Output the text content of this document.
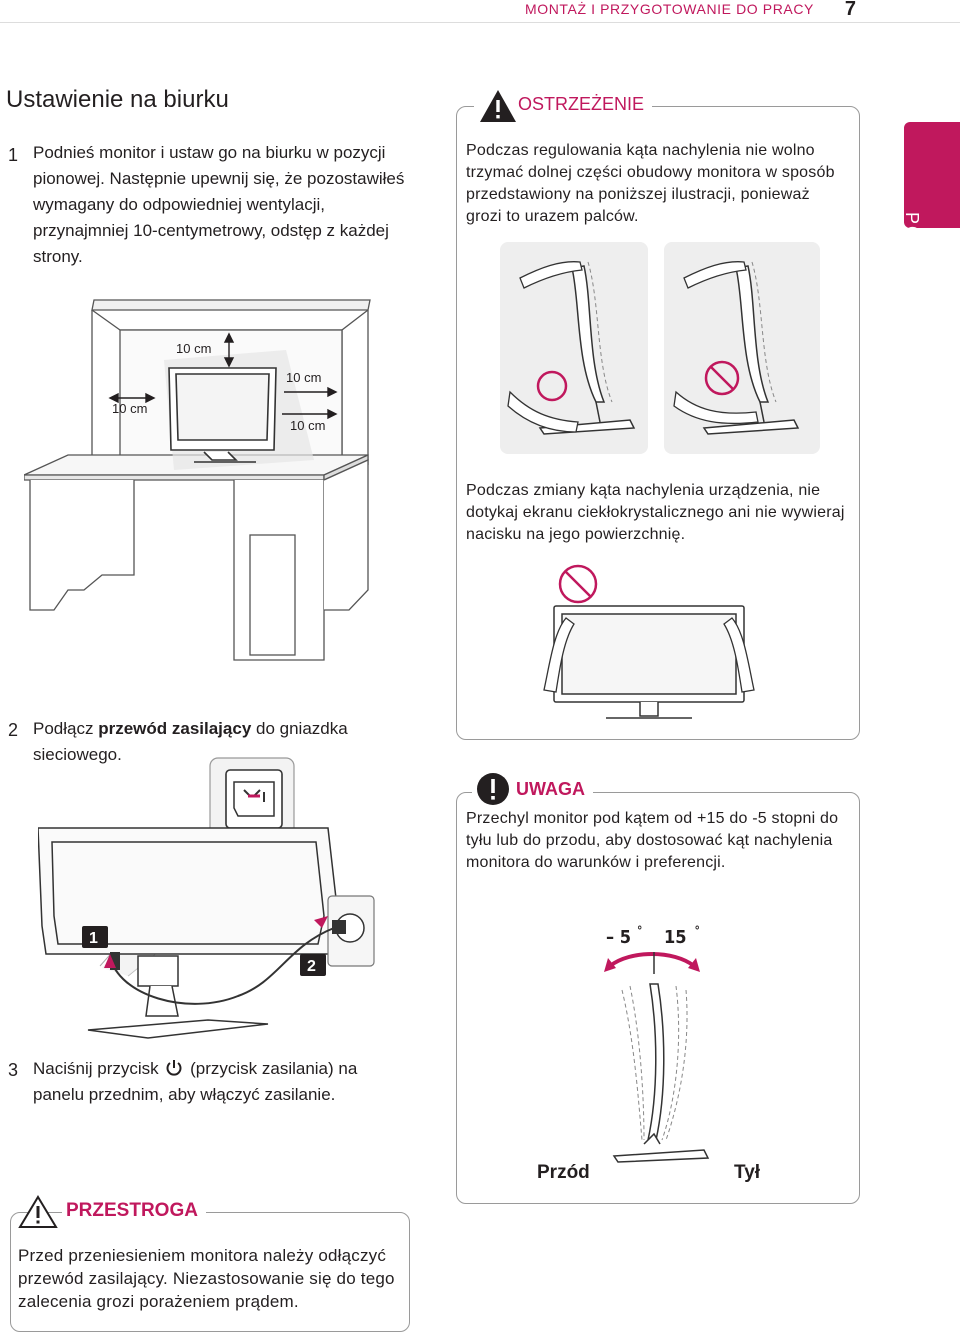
MONTAŻ I PRZYGOTOWANIE DO PRACY 7
POLSKI
Ustawienie na biurku
1 Podnieś monitor i ustaw go na biurku w pozycji pionowej. Następnie upewnij się, że pozostawiłeś wymagany do odpowiedniej wentylacji, przynajmniej 10-centymetrowy, odstęp z każdej strony.
10 cm
10 cm
10 cm
10 cm
2 Podłącz przewód zasilający do gniazdka sieciowego.
1
2
3 Naciśnij przycisk  (przycisk zasilania) na panelu przednim, aby włączyć zasilanie.
PRZESTROGA
Przed przeniesieniem monitora należy odłączyć przewód zasilający. Niezastosowanie się do tego zalecenia grozi porażeniem prądem.
OSTRZEŻENIE
Podczas regulowania kąta nachylenia nie wolno trzymać dolnej części obudowy monitora w sposób przedstawiony na poniższej ilustracji, ponieważ grozi to urazem palców.
Podczas zmiany kąta nachylenia urządzenia, nie dotykaj ekranu ciekłokrystalicznego ani nie wywieraj nacisku na jego powierzchnię.
UWAGA
Przechyl monitor pod kątem od +15 do -5 stopni do tyłu lub do przodu, aby dostosować kąt nachylenia monitora do warunków i preferencji.
– 5 ° 15 °
Przód	Tył
